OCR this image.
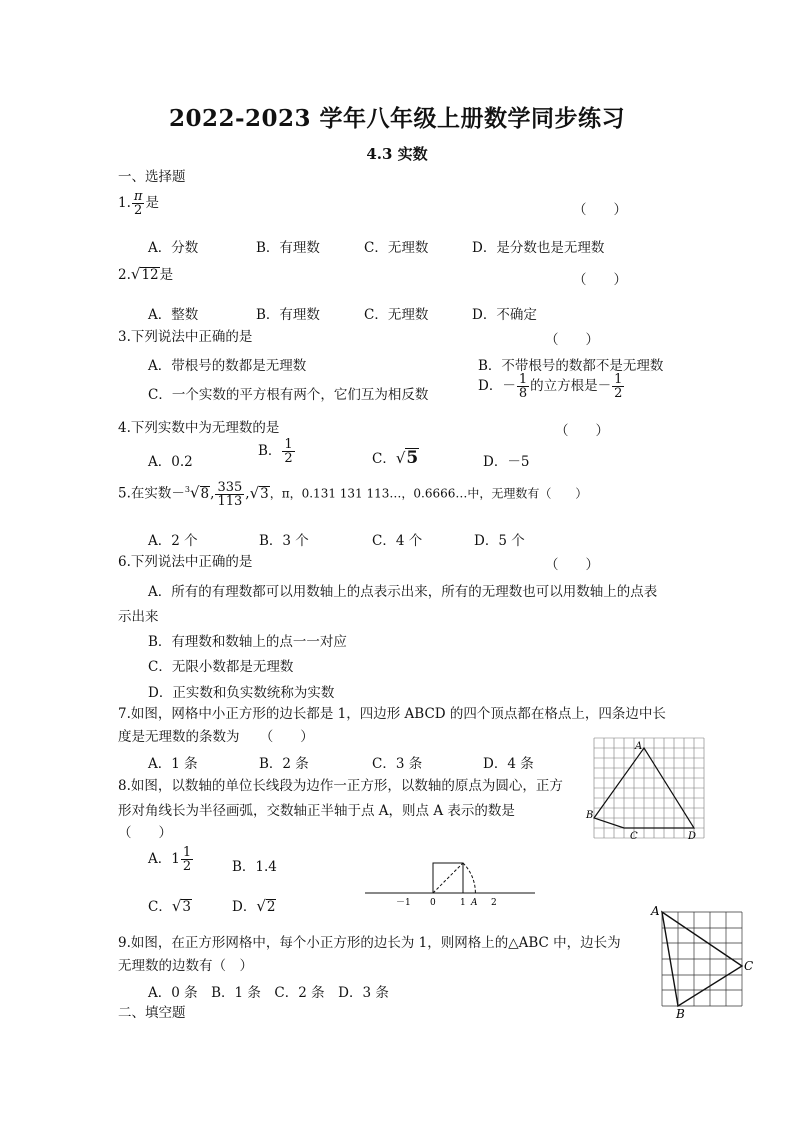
2022-2023 学年八年级上册数学同步练习
4.3 实数
一、选择题
1. $\frac{\pi}{2}$ 是	（　　）
A．分数	B．有理数	C．无理数	D．是分数也是无理数
2.√12是	（　　）
A．整数	B．有理数	C．无理数	D．不确定
3.下列说法中正确的是	（　　）
A．带根号的数都是无理数	B．不带根号的数都不是无理数
C．一个实数的平方根有两个，它们互为相反数
D．－ $\frac{1}{8}$ 的立方根是－ $\frac{1}{2}$
4.下列实数中为无理数的是	（　　）
A．0.2
B． $\frac{1}{2}$	C．√5	D．－5
5.在实数－$^3$√8, $\frac{335}{113} ,√3$，π，0.131 131 113…，0.6666…中，无理数有（　　）
A．2 个	B．3 个	C．4 个	D．5 个
6.下列说法中正确的是	（　　）
A．所有的有理数都可以用数轴上的点表示出来，所有的无理数也可以用数轴上的点表
示出来
B．有理数和数轴上的点一一对应
C．无限小数都是无理数
D．正实数和负实数统称为实数
7.如图，网格中小正方形的边长都是 1，四边形 ABCD 的四个顶点都在格点上，四条边中长
度是无理数的条数为　　（　　）
A．1 条	B．2 条	C．3 条	D．4 条
A
B
C	D
8.如图，以数轴的单位长线段为边作一正方形，以数轴的原点为圆心，正方
形对角线长为半径画弧，交数轴正半轴于点 A，则点 A 表示的数是
（　　）
A．$1 \frac{1}{2}$	B．1.4
C．√3	D．√2	－1 0	1 A 2
9.如图，在正方形网格中，每个小正方形的边长为 1，则网格上的△ABC 中，边长为
无理数的边数有（　）
A．0 条　B．1 条　C．2 条　D．3 条
A
B
C
二、填空题
